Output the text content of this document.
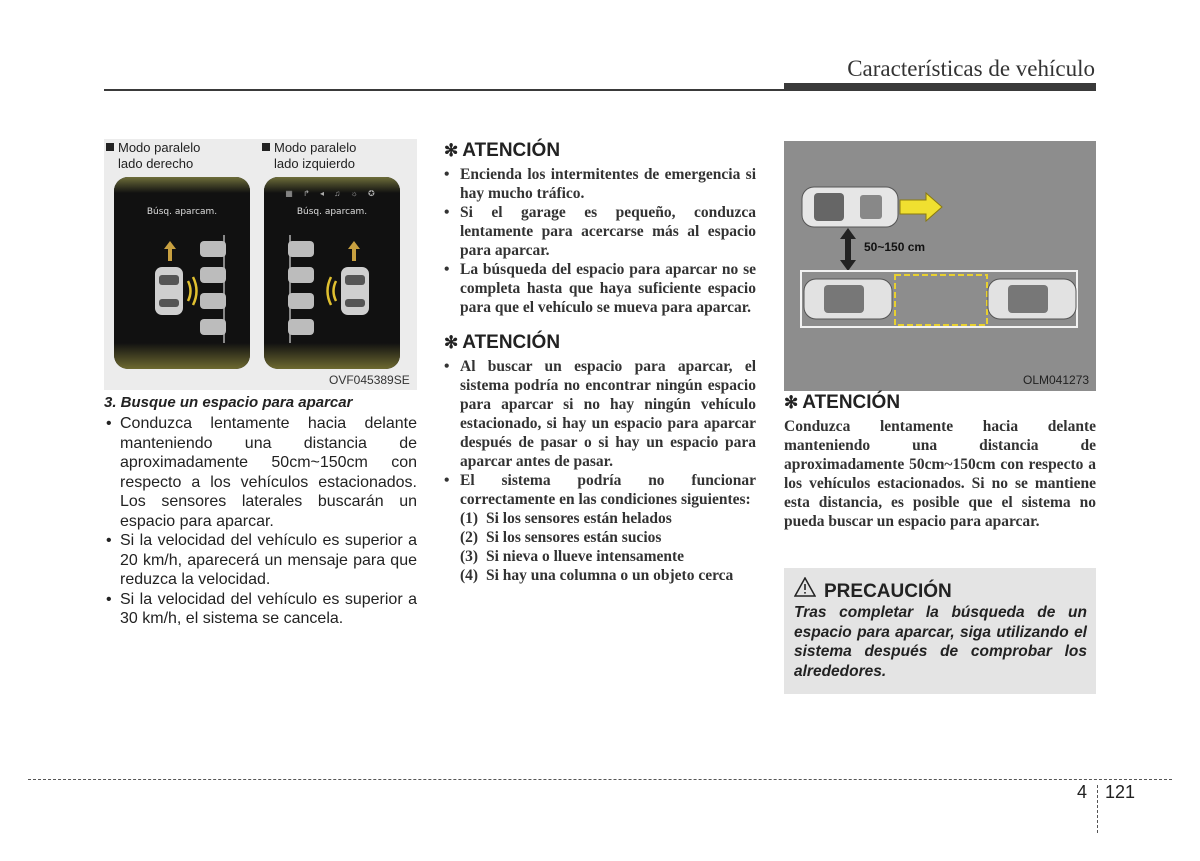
Características de vehículo
Modo paralelo
lado derecho
Modo paralelo
lado izquierdo
Búsq. aparcam.
▦ ↱ ◂ ♫ ☼ ✪
Búsq. aparcam.
OVF045389SE
3. Busque un espacio para aparcar
• Conduzca lentamente hacia delante manteniendo una distancia de aproximadamente 50cm~150cm con respecto a los vehículos estacionados. Los sensores laterales buscarán un espacio para aparcar.
• Si la velocidad del vehículo es superior a 20 km/h, aparecerá un mensaje para que reduzca la velocidad.
• Si la velocidad del vehículo es superior a 30 km/h, el sistema se cancela.
✻ ATENCIÓN
• Encienda los intermitentes de emergencia si hay mucho tráfico.
• Si el garage es pequeño, conduzca lentamente para acercarse más al espacio para aparcar.
• La búsqueda del espacio para aparcar no se completa hasta que haya suficiente espacio para que el vehículo se mueva para aparcar.
✻ ATENCIÓN
• Al buscar un espacio para aparcar, el sistema podría no encontrar ningún espacio para aparcar si no hay ningún vehículo estacionado, si hay un espacio para aparcar después de pasar o si hay un espacio para aparcar antes de pasar.
• El sistema podría no funcionar correctamente en las condiciones siguientes:
(1) Si los sensores están helados
(2) Si los sensores están sucios
(3) Si nieva o llueve intensamente
(4) Si hay una columna o un objeto cerca
50~150 cm
OLM041273
✻ ATENCIÓN
Conduzca lentamente hacia delante manteniendo una distancia de aproximadamente 50cm~150cm con respecto a los vehículos estacionados. Si no se mantiene esta distancia, es posible que el sistema no pueda buscar un espacio para aparcar.
PRECAUCIÓN
Tras completar la búsqueda de un espacio para aparcar, siga utilizando el sistema después de comprobar los alrededores.
4 121
